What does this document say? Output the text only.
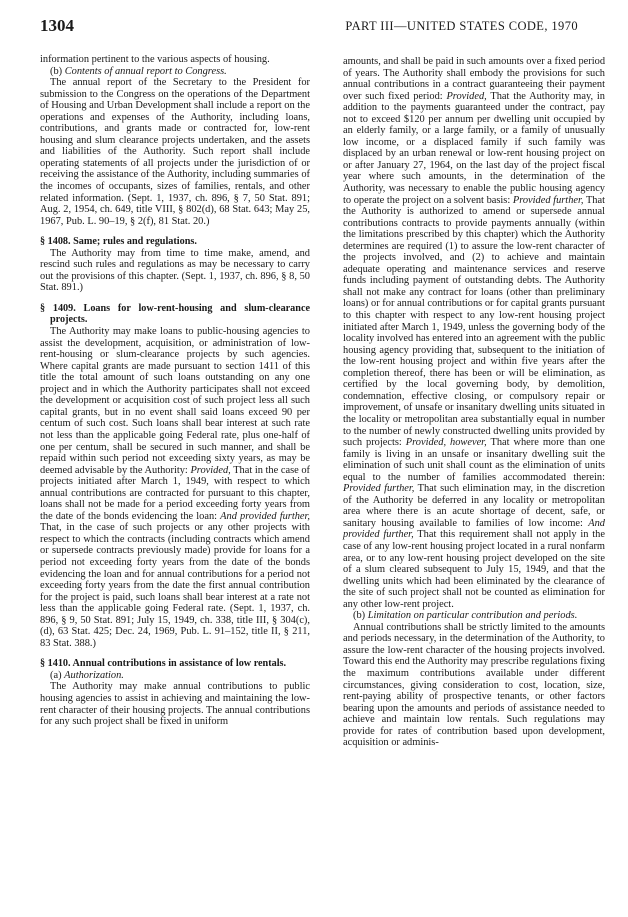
1304	PART III—UNITED STATES CODE, 1970

information pertinent to the various aspects of housing.

(b) Contents of annual report to Congress.

The annual report of the Secretary to the President for submission to the Congress on the operations of the Department of Housing and Urban Development shall include a report on the operations and expenses of the Authority, including loans, contributions, and grants made or contracted for, low-rent housing and slum clearance projects undertaken, and the assets and liabilities of the Authority. Such report shall include operating statements of all projects under the jurisdiction of or receiving the assistance of the Authority, including summaries of the incomes of occupants, sizes of families, rentals, and other related information. (Sept. 1, 1937, ch. 896, § 7, 50 Stat. 891; Aug. 2, 1954, ch. 649, title VIII, § 802(d), 68 Stat. 643; May 25, 1967, Pub. L. 90–19, § 2(f), 81 Stat. 20.)

§ 1408. Same; rules and regulations.

The Authority may from time to time make, amend, and rescind such rules and regulations as may be necessary to carry out the provisions of this chapter. (Sept. 1, 1937, ch. 896, § 8, 50 Stat. 891.)

§ 1409. Loans for low-rent-housing and slum-clearance projects.

The Authority may make loans to public-housing agencies to assist the development, acquisition, or administration of low-rent-housing or slum-clearance projects by such agencies. Where capital grants are made pursuant to section 1411 of this title the total amount of such loans outstanding on any one project and in which the Authority participates shall not exceed the development or acquisition cost of such project less all such capital grants, but in no event shall said loans exceed 90 per centum of such cost. Such loans shall bear interest at such rate not less than the applicable going Federal rate, plus one-half of one per centum, shall be secured in such manner, and shall be repaid within such period not exceeding sixty years, as may be deemed advisable by the Authority: Provided, That in the case of projects initiated after March 1, 1949, with respect to which annual contributions are contracted for pursuant to this chapter, loans shall not be made for a period exceeding forty years from the date of the bonds evidencing the loan: And provided further, That, in the case of such projects or any other projects with respect to which the contracts (including contracts which amend or supersede contracts previously made) provide for loans for a period not exceeding forty years from the date of the bonds evidencing the loan and for annual contributions for a period not exceeding forty years from the date the first annual contribution for the project is paid, such loans shall bear interest at a rate not less than the applicable going Federal rate. (Sept. 1, 1937, ch. 896, § 9, 50 Stat. 891; July 15, 1949, ch. 338, title III, § 304(c), (d), 63 Stat. 425; Dec. 24, 1969, Pub. L. 91–152, title II, § 211, 83 Stat. 388.)

§ 1410. Annual contributions in assistance of low rentals.

(a) Authorization.

The Authority may make annual contributions to public housing agencies to assist in achieving and maintaining the low-rent character of their housing projects. The annual contributions for any such project shall be fixed in uniform

amounts, and shall be paid in such amounts over a fixed period of years. The Authority shall embody the provisions for such annual contributions in a contract guaranteeing their payment over such fixed period: Provided, That the Authority may, in addition to the payments guaranteed under the contract, pay not to exceed $120 per annum per dwelling unit occupied by an elderly family, or a large family, or a family of unusually low income, or a displaced family if such family was displaced by an urban renewal or low-rent housing project on or after January 27, 1964, on the last day of the project fiscal year where such amounts, in the determination of the Authority, was necessary to enable the public housing agency to operate the project on a solvent basis: Provided further, That the Authority is authorized to amend or supersede annual contributions contracts to provide payments annually (within the limitations prescribed by this chapter) which the Authority determines are required (1) to assure the low-rent character of the projects involved, and (2) to achieve and maintain adequate operating and maintenance services and reserve funds including payment of outstanding debts. The Authority shall not make any contract for loans (other than preliminary loans) or for annual contributions or for capital grants pursuant to this chapter with respect to any low-rent housing project initiated after March 1, 1949, unless the governing body of the locality involved has entered into an agreement with the public housing agency providing that, subsequent to the initiation of the low-rent housing project and within five years after the completion thereof, there has been or will be elimination, as certified by the local governing body, by demolition, condemnation, effective closing, or compulsory repair or improvement, of unsafe or insanitary dwelling units situated in the locality or metropolitan area substantially equal in number to the number of newly constructed dwelling units provided by such projects: Provided, however, That where more than one family is living in an unsafe or insanitary dwelling suit the elimination of such unit shall count as the elimination of units equal to the number of families accommodated therein: Provided further, That such elimination may, in the discretion of the Authority be deferred in any locality or metropolitan area where there is an acute shortage of decent, safe, or sanitary housing available to families of low income: And provided further, That this requirement shall not apply in the case of any low-rent housing project located in a rural nonfarm area, or to any low-rent housing project developed on the site of a slum cleared subsequent to July 15, 1949, and that the dwelling units which had been eliminated by the clearance of the site of such project shall not be counted as elimination for any other low-rent project.

(b) Limitation on particular contribution and periods.

Annual contributions shall be strictly limited to the amounts and periods necessary, in the determination of the Authority, to assure the low-rent character of the housing projects involved. Toward this end the Authority may prescribe regulations fixing the maximum contributions available under different circumstances, giving consideration to cost, location, size, rent-paying ability of prospective tenants, or other factors bearing upon the amounts and periods of assistance needed to achieve and maintain low rentals. Such regulations may provide for rates of contribution based upon development, acquisition or adminis-
